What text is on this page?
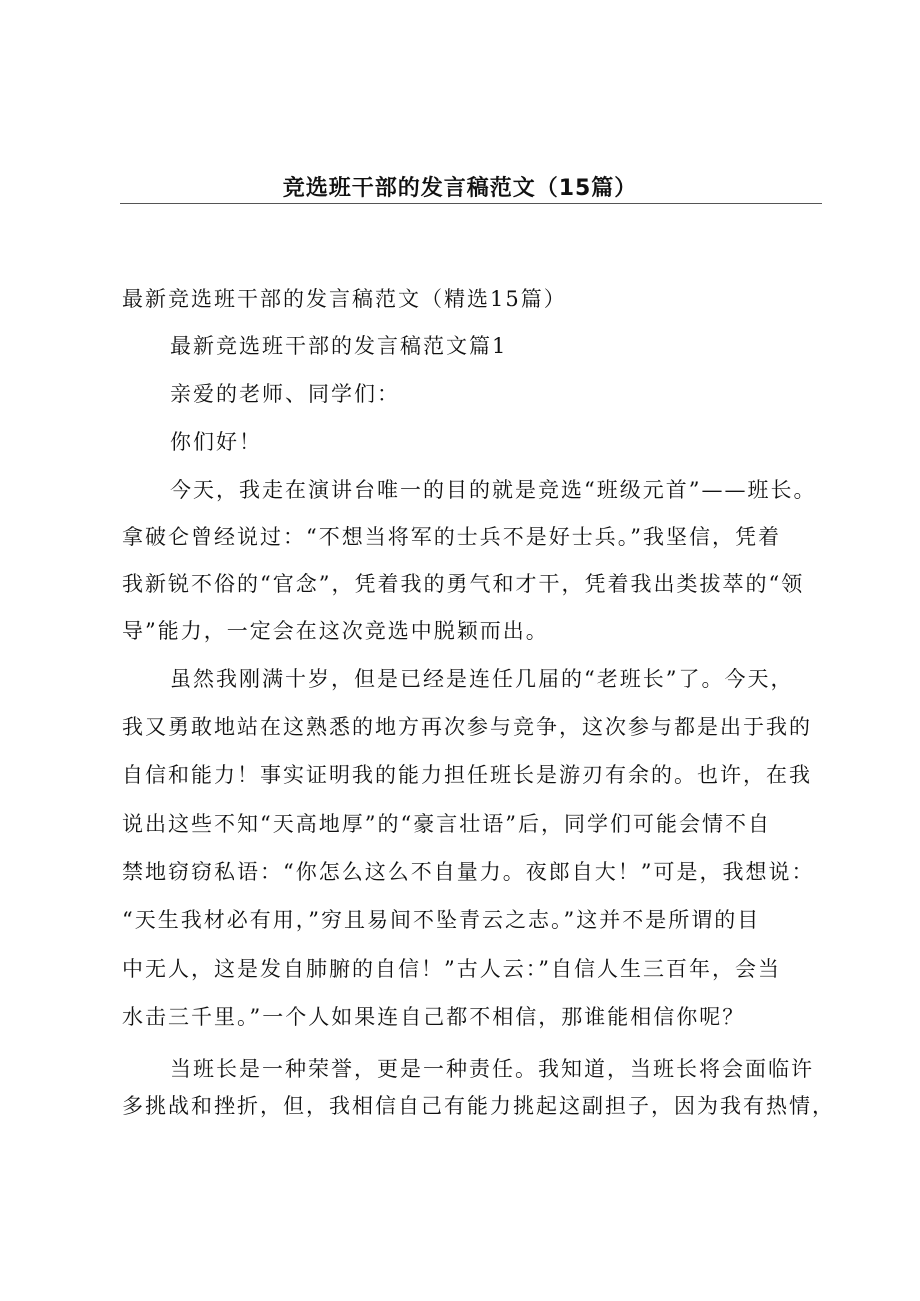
竞选班干部的发言稿范文（15篇）

最新竞选班干部的发言稿范文（精选15篇）

最新竞选班干部的发言稿范文篇1

亲爱的老师、同学们：

你们好！

今天，我走在演讲台唯一的目的就是竞选“班级元首”——班长。

拿破仑曾经说过：“不想当将军的士兵不是好士兵。”我坚信，凭着

我新锐不俗的“官念”，凭着我的勇气和才干，凭着我出类拔萃的“领

导”能力，一定会在这次竞选中脱颖而出。

虽然我刚满十岁，但是已经是连任几届的“老班长”了。今天，

我又勇敢地站在这熟悉的地方再次参与竞争，这次参与都是出于我的

自信和能力！事实证明我的能力担任班长是游刃有余的。也许，在我

说出这些不知“天高地厚”的“豪言壮语”后，同学们可能会情不自

禁地窃窃私语：“你怎么这么不自量力。夜郎自大！”可是，我想说：

“天生我材必有用，”穷且易间不坠青云之志。”这并不是所谓的目

中无人，这是发自肺腑的自信！”古人云：”自信人生三百年，会当

水击三千里。”一个人如果连自己都不相信，那谁能相信你呢？

当班长是一种荣誉，更是一种责任。我知道，当班长将会面临许

多挑战和挫折，但，我相信自己有能力挑起这副担子，因为我有热情，
